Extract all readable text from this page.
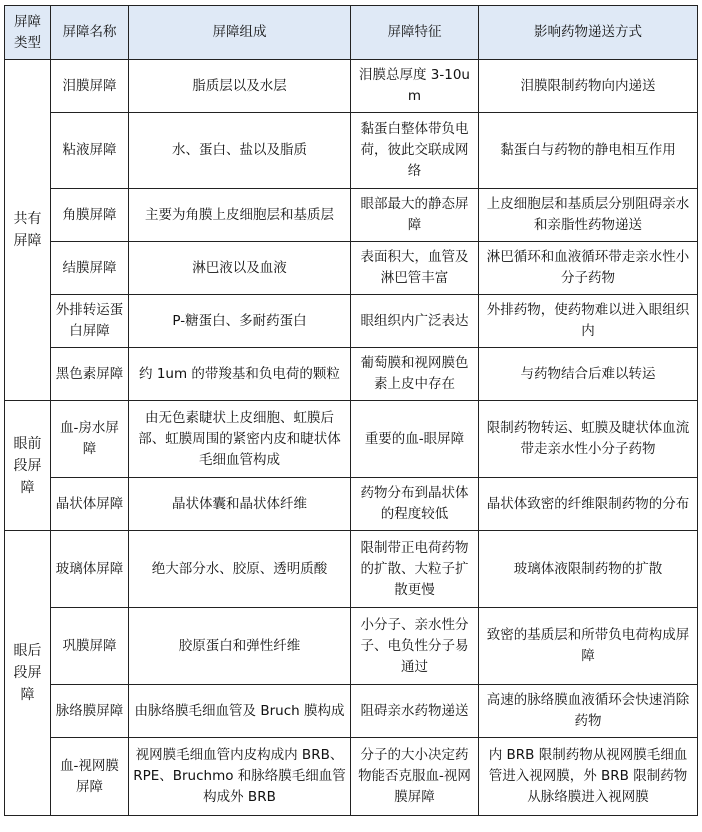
屏障类型	屏障名称	屏障组成	屏障特征	影响药物递送方式
共有屏障	泪膜屏障	脂质层以及水层	泪膜总厚度 3-10um	泪膜限制药物向内递送
	粘液屏障	水、蛋白、盐以及脂质	黏蛋白整体带负电荷，彼此交联成网络	黏蛋白与药物的静电相互作用
	角膜屏障	主要为角膜上皮细胞层和基质层	眼部最大的静态屏障	上皮细胞层和基质层分别阻碍亲水和亲脂性药物递送
	结膜屏障	淋巴液以及血液	表面积大，血管及淋巴管丰富	淋巴循环和血液循环带走亲水性小分子药物
	外排转运蛋白屏障	P-糖蛋白、多耐药蛋白	眼组织内广泛表达	外排药物，使药物难以进入眼组织内
	黑色素屏障	约 1um 的带羧基和负电荷的颗粒	葡萄膜和视网膜色素上皮中存在	与药物结合后难以转运
眼前段屏障	血-房水屏障	由无色素睫状上皮细胞、虹膜后部、虹膜周围的紧密内皮和睫状体毛细血管构成	重要的血-眼屏障	限制药物转运、虹膜及睫状体血流带走亲水性小分子药物
	晶状体屏障	晶状体囊和晶状体纤维	药物分布到晶状体的程度较低	晶状体致密的纤维限制药物的分布
眼后段屏障	玻璃体屏障	绝大部分水、胶原、透明质酸	限制带正电荷药物的扩散、大粒子扩散更慢	玻璃体液限制药物的扩散
	巩膜屏障	胶原蛋白和弹性纤维	小分子、亲水性分子、电负性分子易通过	致密的基质层和所带负电荷构成屏障
	脉络膜屏障	由脉络膜毛细血管及 Bruch 膜构成	阻碍亲水药物递送	高速的脉络膜血液循环会快速消除药物
	血-视网膜屏障	视网膜毛细血管内皮构成内 BRB、RPE、Bruchmo 和脉络膜毛细血管构成外 BRB	分子的大小决定药物能否克服血-视网膜屏障	内 BRB 限制药物从视网膜毛细血管进入视网膜，外 BRB 限制药物从脉络膜进入视网膜
